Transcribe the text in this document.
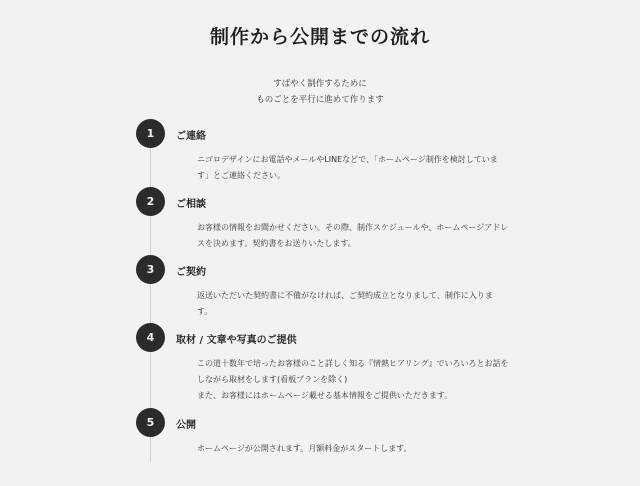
制作から公開までの流れ
すばやく制作するために
ものごとを平行に進めて作ります
1	ご連絡
ニゴロデザインにお電話やメールやLINEなどで、「ホームページ制作を検討していま
す」とご連絡ください。
2	ご相談
お客様の情報をお聞かせください。その際、制作スケジュールや、ホームページアドレ
スを決めます。契約書をお送りいたします。
3	ご契約
返送いただいた契約書に不備がなければ、ご契約成立となりまして、制作に入りま
す。
4	取材 / 文章や写真のご提供
この道十数年で培ったお客様のこと詳しく知る『情熱ヒアリング』でいろいろとお話を
しながら取材をします(看板プランを除く)
また、お客様にはホームページ載せる基本情報をご提供いただきます。
5	公開
ホームページが公開されます。月額料金がスタートします。
